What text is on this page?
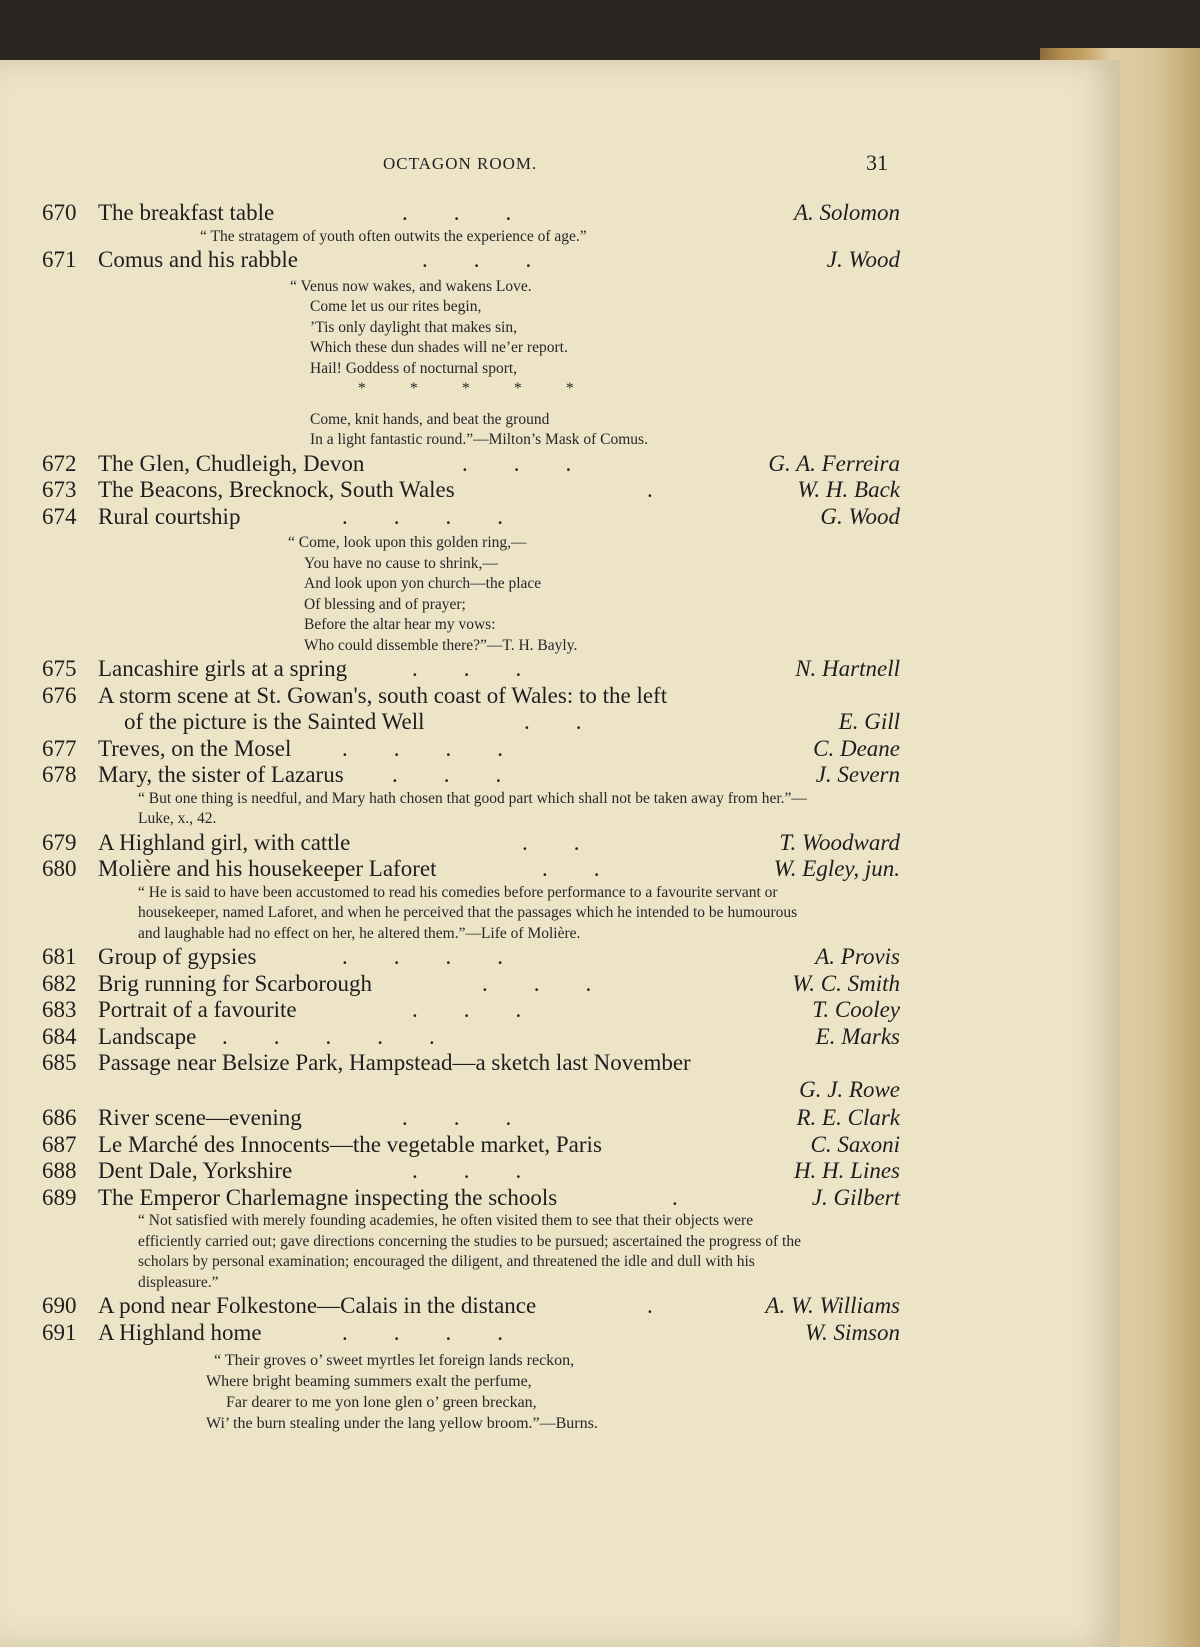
OCTAGON ROOM.	31
670 The breakfast table	.        .        .	A. Solomon

“ The stratagem of youth often outwits the experience of age.”

671 Comus and his rabble	.        .        .	J. Wood

“ Venus now wakes, and wakens Love.

Come let us our rites begin,

’Tis only daylight that makes sin,

Which these dun shades will ne’er report.

Hail! Goddess of nocturnal sport,

*      *      *      *      *

Come, knit hands, and beat the ground

In a light fantastic round.”—Milton’s Mask of Comus.

672 The Glen, Chudleigh, Devon	.        .        .	G. A. Ferreira
673 The Beacons, Brecknock, South Wales	.	W. H. Back
674 Rural courtship	.        .        .        .	G. Wood

“ Come, look upon this golden ring,—

You have no cause to shrink,—

And look upon yon church—the place

Of blessing and of prayer;

Before the altar hear my vows:

Who could dissemble there?”—T. H. Bayly.

675 Lancashire girls at a spring	.        .        .	N. Hartnell
676 A storm scene at St. Gowan's, south coast of Wales: to the left
of the picture is the Sainted Well	.        .	E. Gill
677 Treves, on the Mosel .        .        .        .	C. Deane
678 Mary, the sister of Lazarus .        .        .	J. Severn

“ But one thing is needful, and Mary hath chosen that good part which shall not be taken away from her.”—Luke, x., 42.

679 A Highland girl, with cattle	.        .	T. Woodward
680 Molière and his housekeeper Laforet	.        .	W. Egley, jun.

“ He is said to have been accustomed to read his comedies before performance to a favourite servant or housekeeper, named Laforet, and when he perceived that the passages which he intended to be humourous and laughable had no effect on her, he altered them.”—Life of Molière.

681 Group of gypsies	.        .        .        .	A. Provis
682 Brig running for Scarborough	.        .        .	W. C. Smith
683 Portrait of a favourite	.        .        .	T. Cooley
684 Landscape .        .        .        .        .	E. Marks
685 Passage near Belsize Park, Hampstead—a sketch last November
G. J. Rowe
686 River scene—evening	.        .        .	R. E. Clark
687 Le Marché des Innocents—the vegetable market, Paris	C. Saxoni
688 Dent Dale, Yorkshire	.        .        .	H. H. Lines
689 The Emperor Charlemagne inspecting the schools	.	J. Gilbert

“ Not satisfied with merely founding academies, he often visited them to see that their objects were efficiently carried out; gave directions concerning the studies to be pursued; ascertained the progress of the scholars by personal examination; encouraged the diligent, and threatened the idle and dull with his displeasure.”

690 A pond near Folkestone—Calais in the distance	.	A. W. Williams
691 A Highland home	.        .        .        .	W. Simson

“ Their groves o’ sweet myrtles let foreign lands reckon,

Where bright beaming summers exalt the perfume,

Far dearer to me yon lone glen o’ green breckan,

Wi’ the burn stealing under the lang yellow broom.”—Burns.
